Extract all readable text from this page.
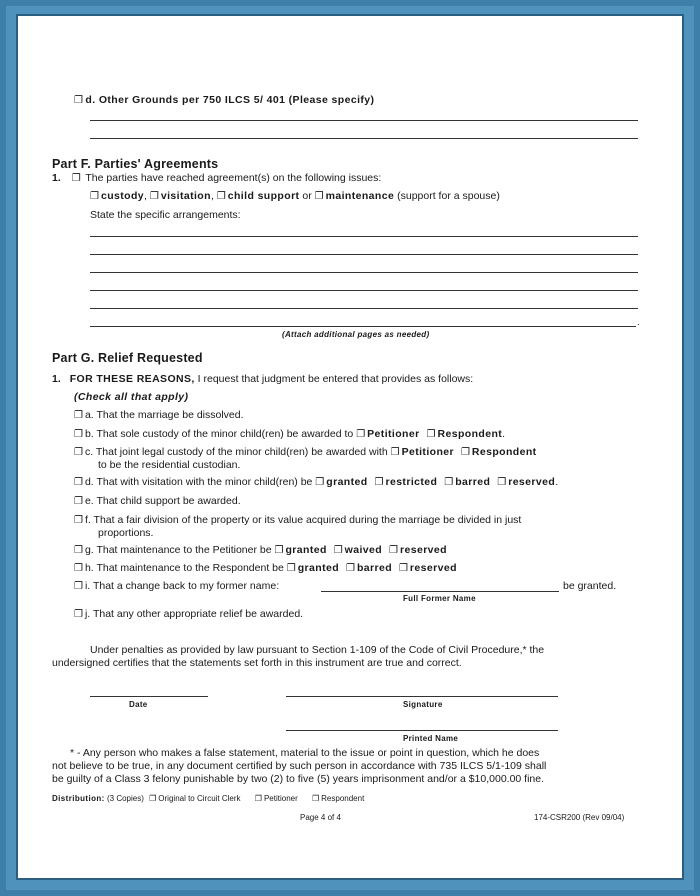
❐ d. Other Grounds per 750 ILCS 5/ 401 (Please specify)
Part F. Parties' Agreements
1. ❐ The parties have reached agreement(s) on the following issues:
❐ custody, ❐ visitation, ❐ child support or ❐ maintenance (support for a spouse)
State the specific arrangements:
.
(Attach additional pages as needed)
Part G. Relief Requested
1. FOR THESE REASONS, I request that judgment be entered that provides as follows:
(Check all that apply)
❐ a. That the marriage be dissolved.
❐ b. That sole custody of the minor child(ren) be awarded to ❐ Petitioner ❐ Respondent.
❐ c. That joint legal custody of the minor child(ren) be awarded with ❐ Petitioner ❐ Respondent
to be the residential custodian.
❐ d. That with visitation with the minor child(ren) be ❐ granted ❐ restricted ❐ barred ❐ reserved.
❐ e. That child support be awarded.
❐ f. That a fair division of the property or its value acquired during the marriage be divided in just
proportions.
❐ g. That maintenance to the Petitioner be ❐ granted ❐ waived ❐ reserved
❐ h. That maintenance to the Respondent be ❐ granted ❐ barred ❐ reserved
❐ i. That a change back to my former name:	be granted.
Full Former Name
❐ j. That any other appropriate relief be awarded.
Under penalties as provided by law pursuant to Section 1-109 of the Code of Civil Procedure,* the
undersigned certifies that the statements set forth in this instrument are true and correct.
Date	Signature
Printed Name
* - Any person who makes a false statement, material to the issue or point in question, which he does
not believe to be true, in any document certified by such person in accordance with 735 ILCS 5/1-109 shall
be guilty of a Class 3 felony punishable by two (2) to five (5) years imprisonment and/or a $10,000.00 fine.
Distribution: (3 Copies) ❐ Original to Circuit Clerk ❐ Petitioner ❐ Respondent
Page 4 of 4	174-CSR200 (Rev 09/04)
